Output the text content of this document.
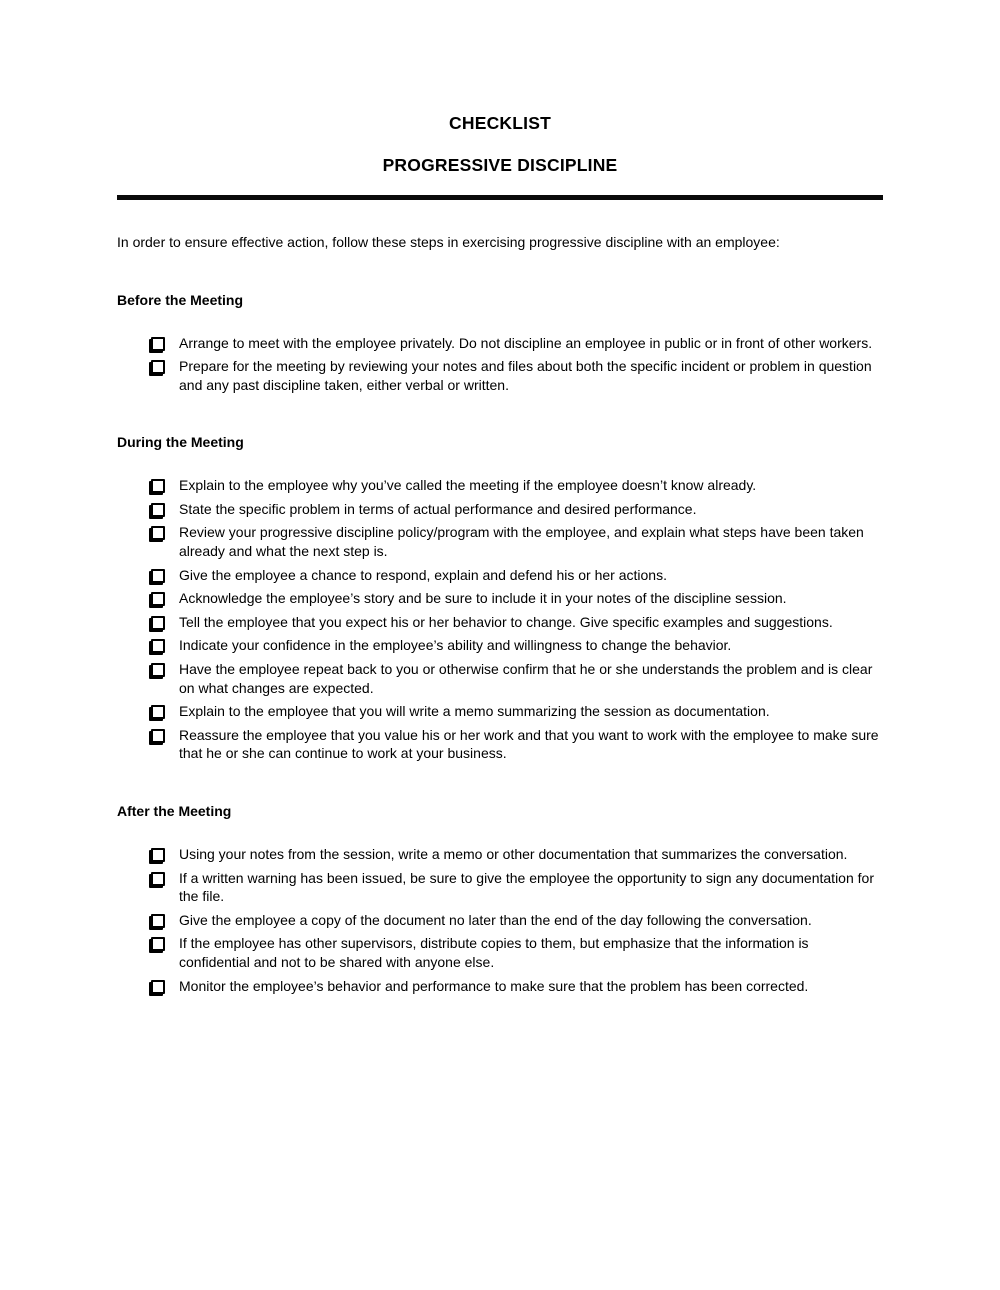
CHECKLIST
PROGRESSIVE DISCIPLINE

In order to ensure effective action, follow these steps in exercising progressive discipline with an employee:

Before the Meeting
Arrange to meet with the employee privately. Do not discipline an employee in public or in front of other workers.
Prepare for the meeting by reviewing your notes and files about both the specific incident or problem in question and any past discipline taken, either verbal or written.
During the Meeting
Explain to the employee why you’ve called the meeting if the employee doesn’t know already.
State the specific problem in terms of actual performance and desired performance.
Review your progressive discipline policy/program with the employee, and explain what steps have been taken already and what the next step is.
Give the employee a chance to respond, explain and defend his or her actions.
Acknowledge the employee’s story and be sure to include it in your notes of the discipline session.
Tell the employee that you expect his or her behavior to change. Give specific examples and suggestions.
Indicate your confidence in the employee’s ability and willingness to change the behavior.
Have the employee repeat back to you or otherwise confirm that he or she understands the problem and is clear on what changes are expected.
Explain to the employee that you will write a memo summarizing the session as documentation.
Reassure the employee that you value his or her work and that you want to work with the employee to make sure that he or she can continue to work at your business.
After the Meeting
Using your notes from the session, write a memo or other documentation that summarizes the conversation.
If a written warning has been issued, be sure to give the employee the opportunity to sign any documentation for the file.
Give the employee a copy of the document no later than the end of the day following the conversation.
If the employee has other supervisors, distribute copies to them, but emphasize that the information is confidential and not to be shared with anyone else.
Monitor the employee’s behavior and performance to make sure that the problem has been corrected.
